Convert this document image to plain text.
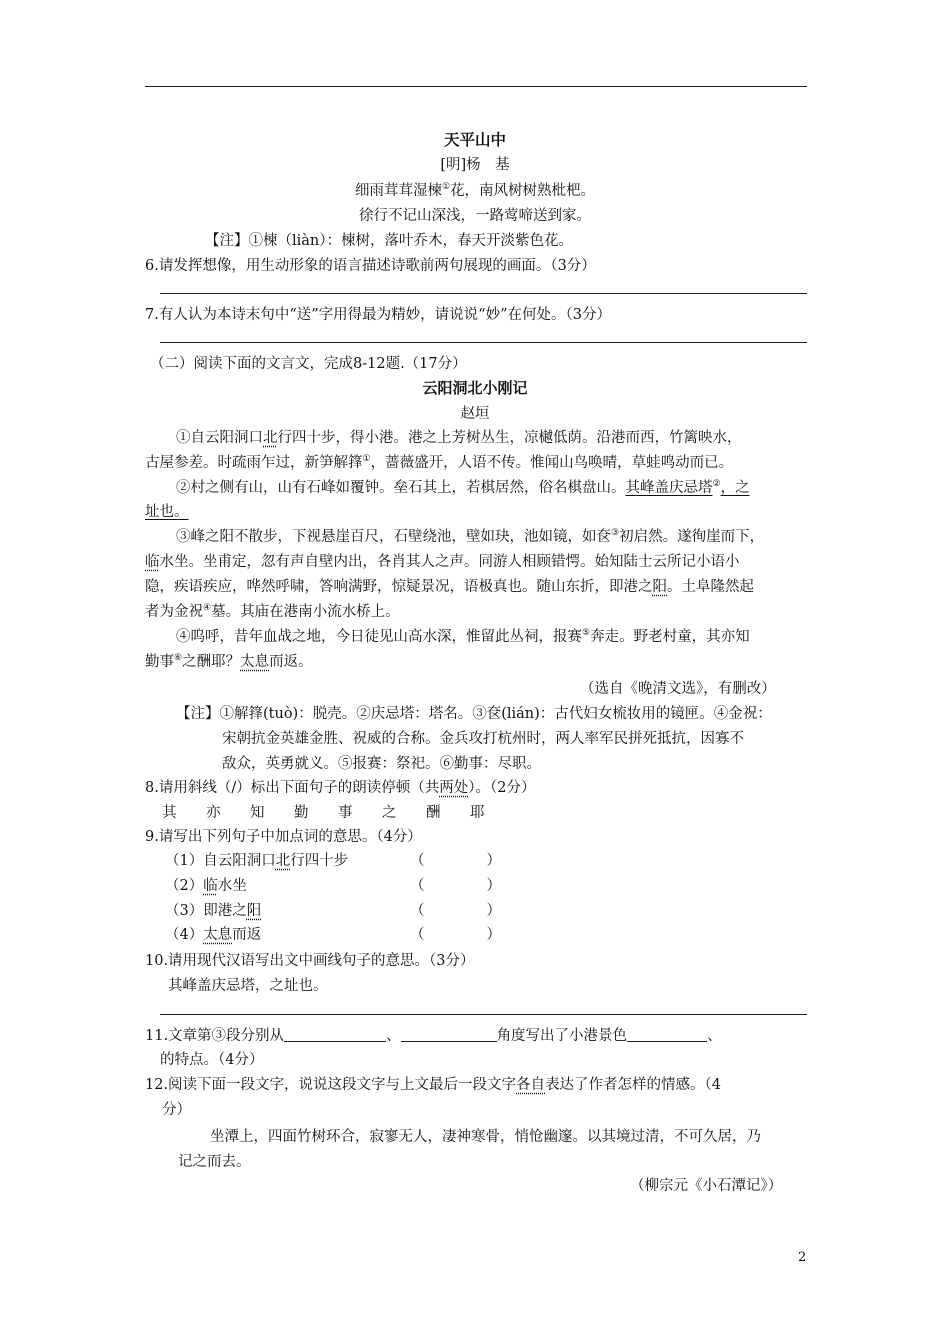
天平山中
[明]杨　基
细雨茸茸湿楝①花，南风树树熟枇杷。
徐行不记山深浅，一路莺啼送到家。
【注】①楝（liàn）：楝树，落叶乔木，春天开淡紫色花。
6.请发挥想像，用生动形象的语言描述诗歌前两句展现的画面。（3分）
7.有人认为本诗末句中“送”字用得最为精妙，请说说“妙”在何处。（3分）
（二）阅读下面的文言文，完成8-12题.（17分）
云阳洞北小刚记
赵垣
①自云阳洞口北行四十步，得小港。港之上芳树丛生，凉樾低荫。沿港而西，竹篱映水，
古屋参差。时疏雨乍过，新笋解箨①，蔷薇盛开，人语不传。惟闻山鸟唤晴，草蛙鸣动而已。
②村之侧有山，山有石峰如覆钟。垒石其上，若棋居然，俗名棋盘山。其峰盖庆忌塔②，之
址也。
③峰之阳不散步，下视悬崖百尺，石壁绕池，壁如玦，池如镜，如奁③初启然。遂徇崖而下，
临水坐。坐甫定，忽有声自壁内出，各肖其人之声。同游人相顾错愕。始知陆士云所记小语小
隐，疾语疾应，哗然呼啸，答响满野，惊疑景况，语极真也。随山东折，即港之阳。土阜隆然起
者为金祝④墓。其庙在港南小流水桥上。
④呜呼，昔年血战之地，今日徒见山高水深，惟留此丛祠，报赛⑤奔走。野老村童，其亦知
勤事⑥之酬耶？太息而返。
（选自《晚清文选》，有删改）
【注】①解箨(tuò)：脱壳。②庆忌塔：塔名。③奁(lián)：古代妇女梳妆用的镜匣。④金祝：
宋朝抗金英雄金胜、祝威的合称。金兵攻打杭州时，两人率军民拼死抵抗，因寡不
敌众，英勇就义。⑤报赛：祭祀。⑥勤事：尽职。
8.请用斜线（/）标出下面句子的朗读停顿（共两处）。（2分）
其 亦 知 勤 事 之 酬 耶
9.请写出下列句子中加点词的意思。（4分）
（1）自云阳洞口北行四十步	（	）
（2）临水坐	（	）
（3）即港之阳	（	）
（4）太息而返	（	）
10.请用现代汉语写出文中画线句子的意思。（3分）
其峰盖庆忌塔，之址也。
11.文章第③段分别从	、	角度写出了小港景色	、
的特点。（4分）
12.阅读下面一段文字，说说这段文字与上文最后一段文字各自表达了作者怎样的情感。（4
分）
坐潭上，四面竹树环合，寂寥无人，凄神寒骨，悄怆幽邃。以其境过清，不可久居，乃
记之而去。
（柳宗元《小石潭记》）
2
